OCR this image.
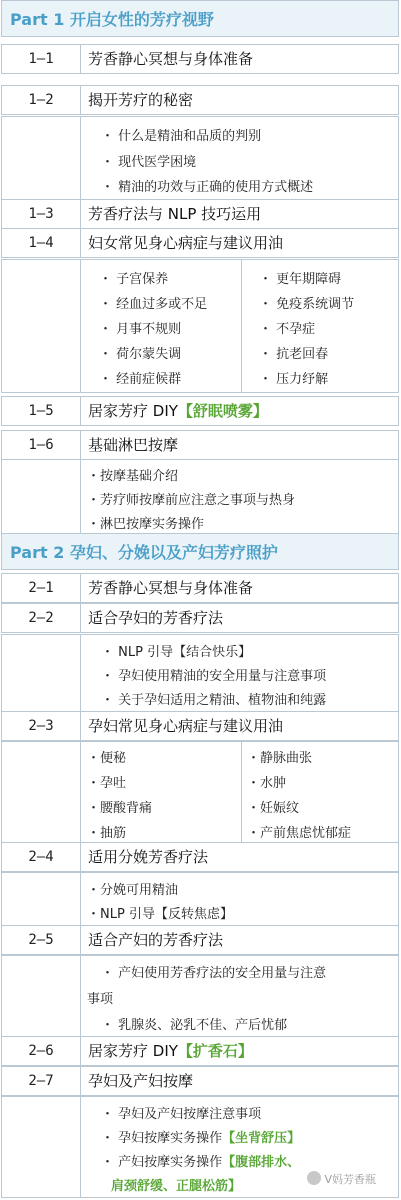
Part 1 开启女性的芳疗视野
1—1	芳香静心冥想与身体准备
1—2	揭开芳疗的秘密
・ 什么是精油和品质的判别
・ 现代医学困境
・ 精油的功效与正确的使用方式概述
1—3	芳香疗法与 NLP 技巧运用
1—4	妇女常见身心病症与建议用油
・ 子宫保养
・ 经血过多或不足
・ 月事不规则
・ 荷尔蒙失调
・ 经前症候群
・ 更年期障碍
・ 免疫系统调节
・ 不孕症
・ 抗老回春
・ 压力纾解
1—5	居家芳疗 DIY【舒眠喷雾】
1—6	基础淋巴按摩
・按摩基础介绍
・芳疗师按摩前应注意之事项与热身
・淋巴按摩实务操作
Part 2 孕妇、分娩以及产妇芳疗照护
2—1	芳香静心冥想与身体准备
2—2	适合孕妇的芳香疗法
・ NLP 引导【结合快乐】
・ 孕妇使用精油的安全用量与注意事项
・ 关于孕妇适用之精油、植物油和纯露
2—3	孕妇常见身心病症与建议用油
・便秘
・孕吐
・腰酸背痛
・抽筋
・静脉曲张
・水肿
・妊娠纹
・产前焦虑忧郁症
2—4	适用分娩芳香疗法
・分娩可用精油
・NLP 引导【反转焦虑】
2—5	适合产妇的芳香疗法
・ 产妇使用芳香疗法的安全用量与注意
事项
・ 乳腺炎、泌乳不佳、产后忧郁
2—6	居家芳疗 DIY【扩香石】
2—7	孕妇及产妇按摩
・ 孕妇及产妇按摩注意事项
・ 孕妇按摩实务操作【坐背舒压】
・ 产妇按摩实务操作【腹部排水、
肩颈舒缓、正腿松筋】	V妈芳香瓶
